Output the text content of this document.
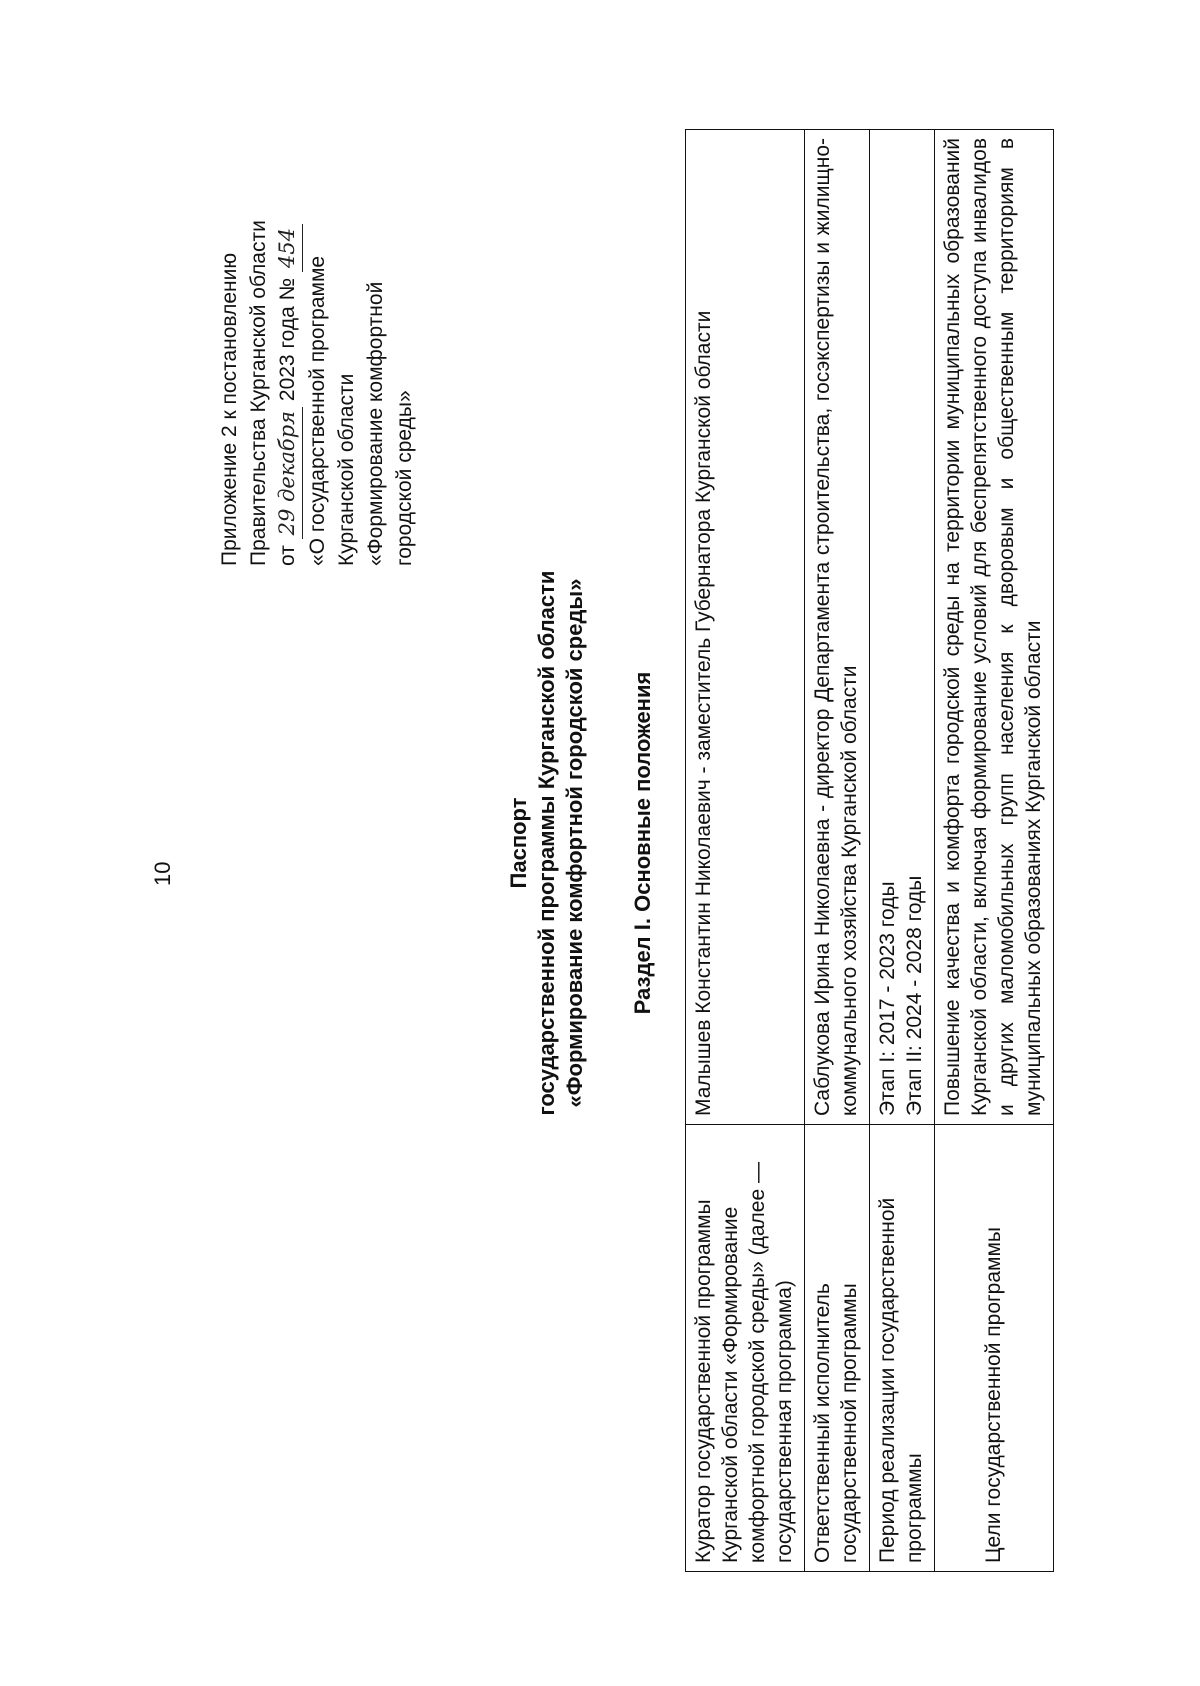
10
Приложение 2 к постановлению Правительства Курганской области от 29 декабря 2023 года № 454
«О государственной программе Курганской области «Формирование комфортной городской среды»
Паспорт государственной программы Курганской области «Формирование комфортной городской среды» Раздел I. Основные положения
Куратор государственной программы Курганской области «Формирование комфортной городской среды» (далее — государственная программа)	Малышев Константин Николаевич - заместитель Губернатора Курганской области

Ответственный исполнитель государственной программы	Саблукова Ирина Николаевна - директор Департамента строительства, госэкспертизы и жилищно-коммунального хозяйства Курганской области

Период реализации государственной программы	Этап I: 2017 - 2023 годы Этап II: 2024 - 2028 годы

Цели государственной программы	Повышение качества и комфорта городской среды на территории муниципальных образований Курганской области, включая формирование условий для беспрепятственного доступа инвалидов и других маломобильных групп населения к дворовым и общественным территориям в муниципальных образованиях Курганской области
